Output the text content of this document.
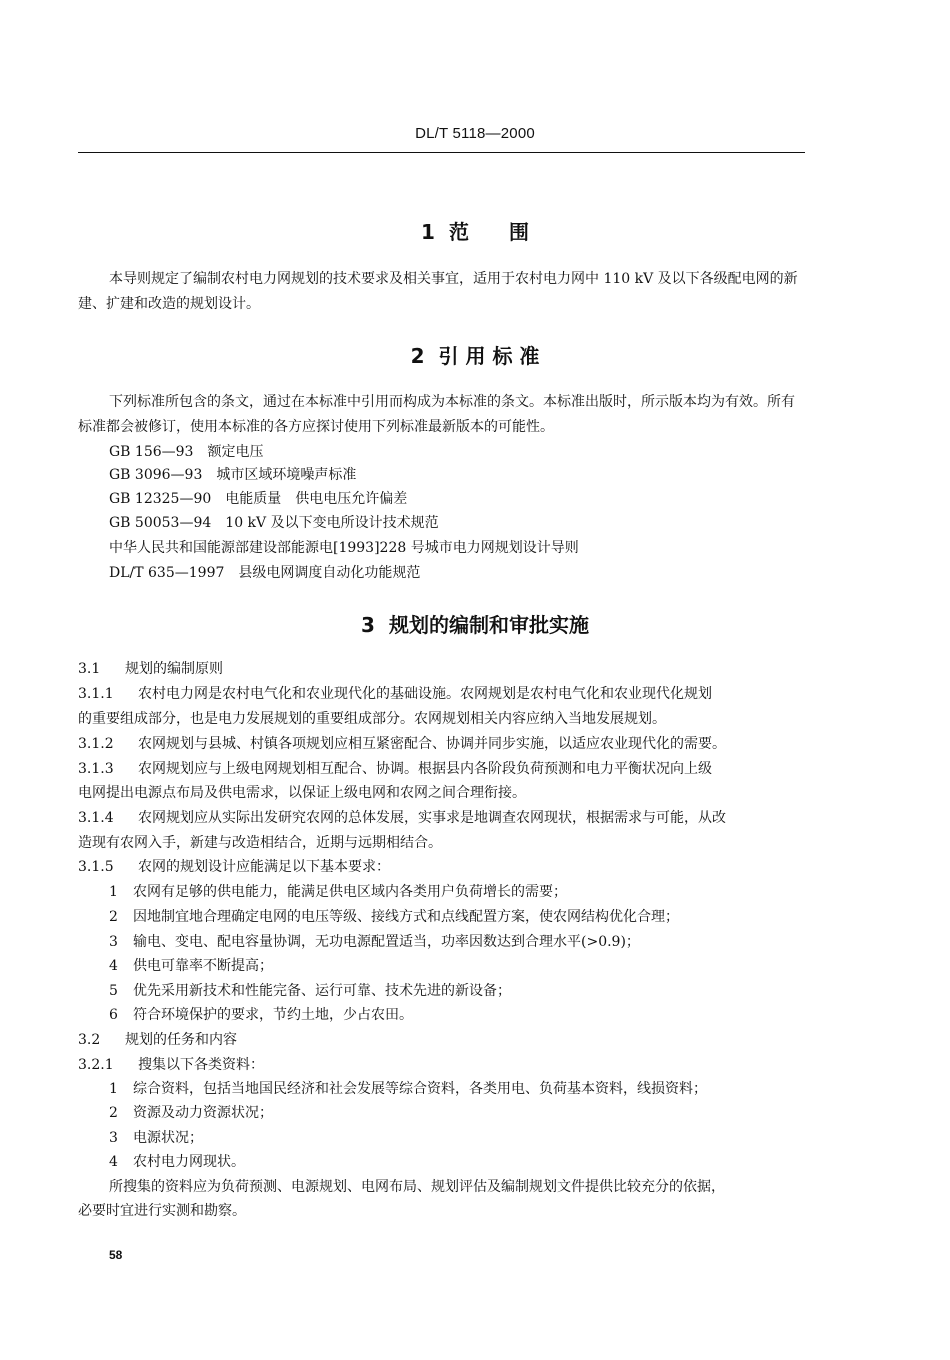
DL/T 5118—2000
1 范　　围
本导则规定了编制农村电力网规划的技术要求及相关事宜，适用于农村电力网中 110 kV 及以下各级配电网的新建、扩建和改造的规划设计。
2 引 用 标 准
下列标准所包含的条文，通过在本标准中引用而构成为本标准的条文。本标准出版时，所示版本均为有效。所有标准都会被修订，使用本标准的各方应探讨使用下列标准最新版本的可能性。
GB 156—93 额定电压
GB 3096—93 城市区域环境噪声标准
GB 12325—90 电能质量　供电电压允许偏差
GB 50053—94 10 kV 及以下变电所设计技术规范
中华人民共和国能源部建设部能源电[1993]228 号城市电力网规划设计导则
DL/T 635—1997 县级电网调度自动化功能规范
3 规划的编制和审批实施
3.1 规划的编制原则
3.1.1 农村电力网是农村电气化和农业现代化的基础设施。农网规划是农村电气化和农业现代化规划
的重要组成部分，也是电力发展规划的重要组成部分。农网规划相关内容应纳入当地发展规划。
3.1.2 农网规划与县城、村镇各项规划应相互紧密配合、协调并同步实施，以适应农业现代化的需要。
3.1.3 农网规划应与上级电网规划相互配合、协调。根据县内各阶段负荷预测和电力平衡状况向上级
电网提出电源点布局及供电需求，以保证上级电网和农网之间合理衔接。
3.1.4 农网规划应从实际出发研究农网的总体发展，实事求是地调查农网现状，根据需求与可能，从改
造现有农网入手，新建与改造相结合，近期与远期相结合。
3.1.5 农网的规划设计应能满足以下基本要求：
1 农网有足够的供电能力，能满足供电区域内各类用户负荷增长的需要；
2 因地制宜地合理确定电网的电压等级、接线方式和点线配置方案，使农网结构优化合理；
3 输电、变电、配电容量协调，无功电源配置适当，功率因数达到合理水平(>0.9)；
4 供电可靠率不断提高；
5 优先采用新技术和性能完备、运行可靠、技术先进的新设备；
6 符合环境保护的要求，节约土地，少占农田。
3.2 规划的任务和内容
3.2.1 搜集以下各类资料：
1 综合资料，包括当地国民经济和社会发展等综合资料，各类用电、负荷基本资料，线损资料；
2 资源及动力资源状况；
3 电源状况；
4 农村电力网现状。
所搜集的资料应为负荷预测、电源规划、电网布局、规划评估及编制规划文件提供比较充分的依据，
必要时宜进行实测和勘察。
58
